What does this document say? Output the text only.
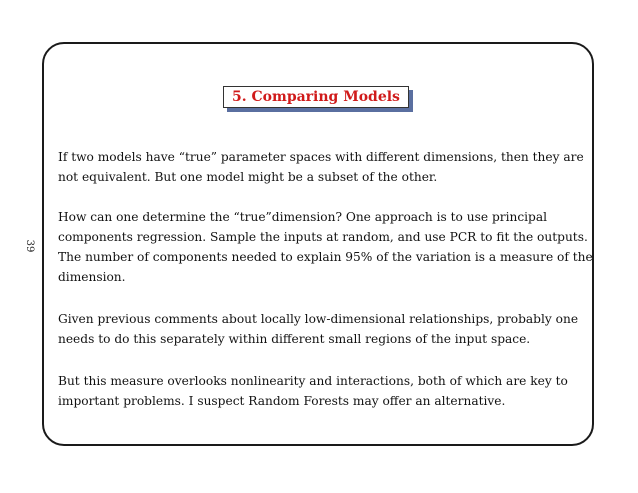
39
5. Comparing Models

If two models have “true” parameter spaces with different dimensions, then they are
not equivalent. But one model might be a subset of the other.

How can one determine the “true”dimension? One approach is to use principal
components regression. Sample the inputs at random, and use PCR to fit the outputs.
The number of components needed to explain 95% of the variation is a measure of the
dimension.

Given previous comments about locally low-dimensional relationships, probably one
needs to do this separately within different small regions of the input space.

But this measure overlooks nonlinearity and interactions, both of which are key to
important problems. I suspect Random Forests may offer an alternative.
